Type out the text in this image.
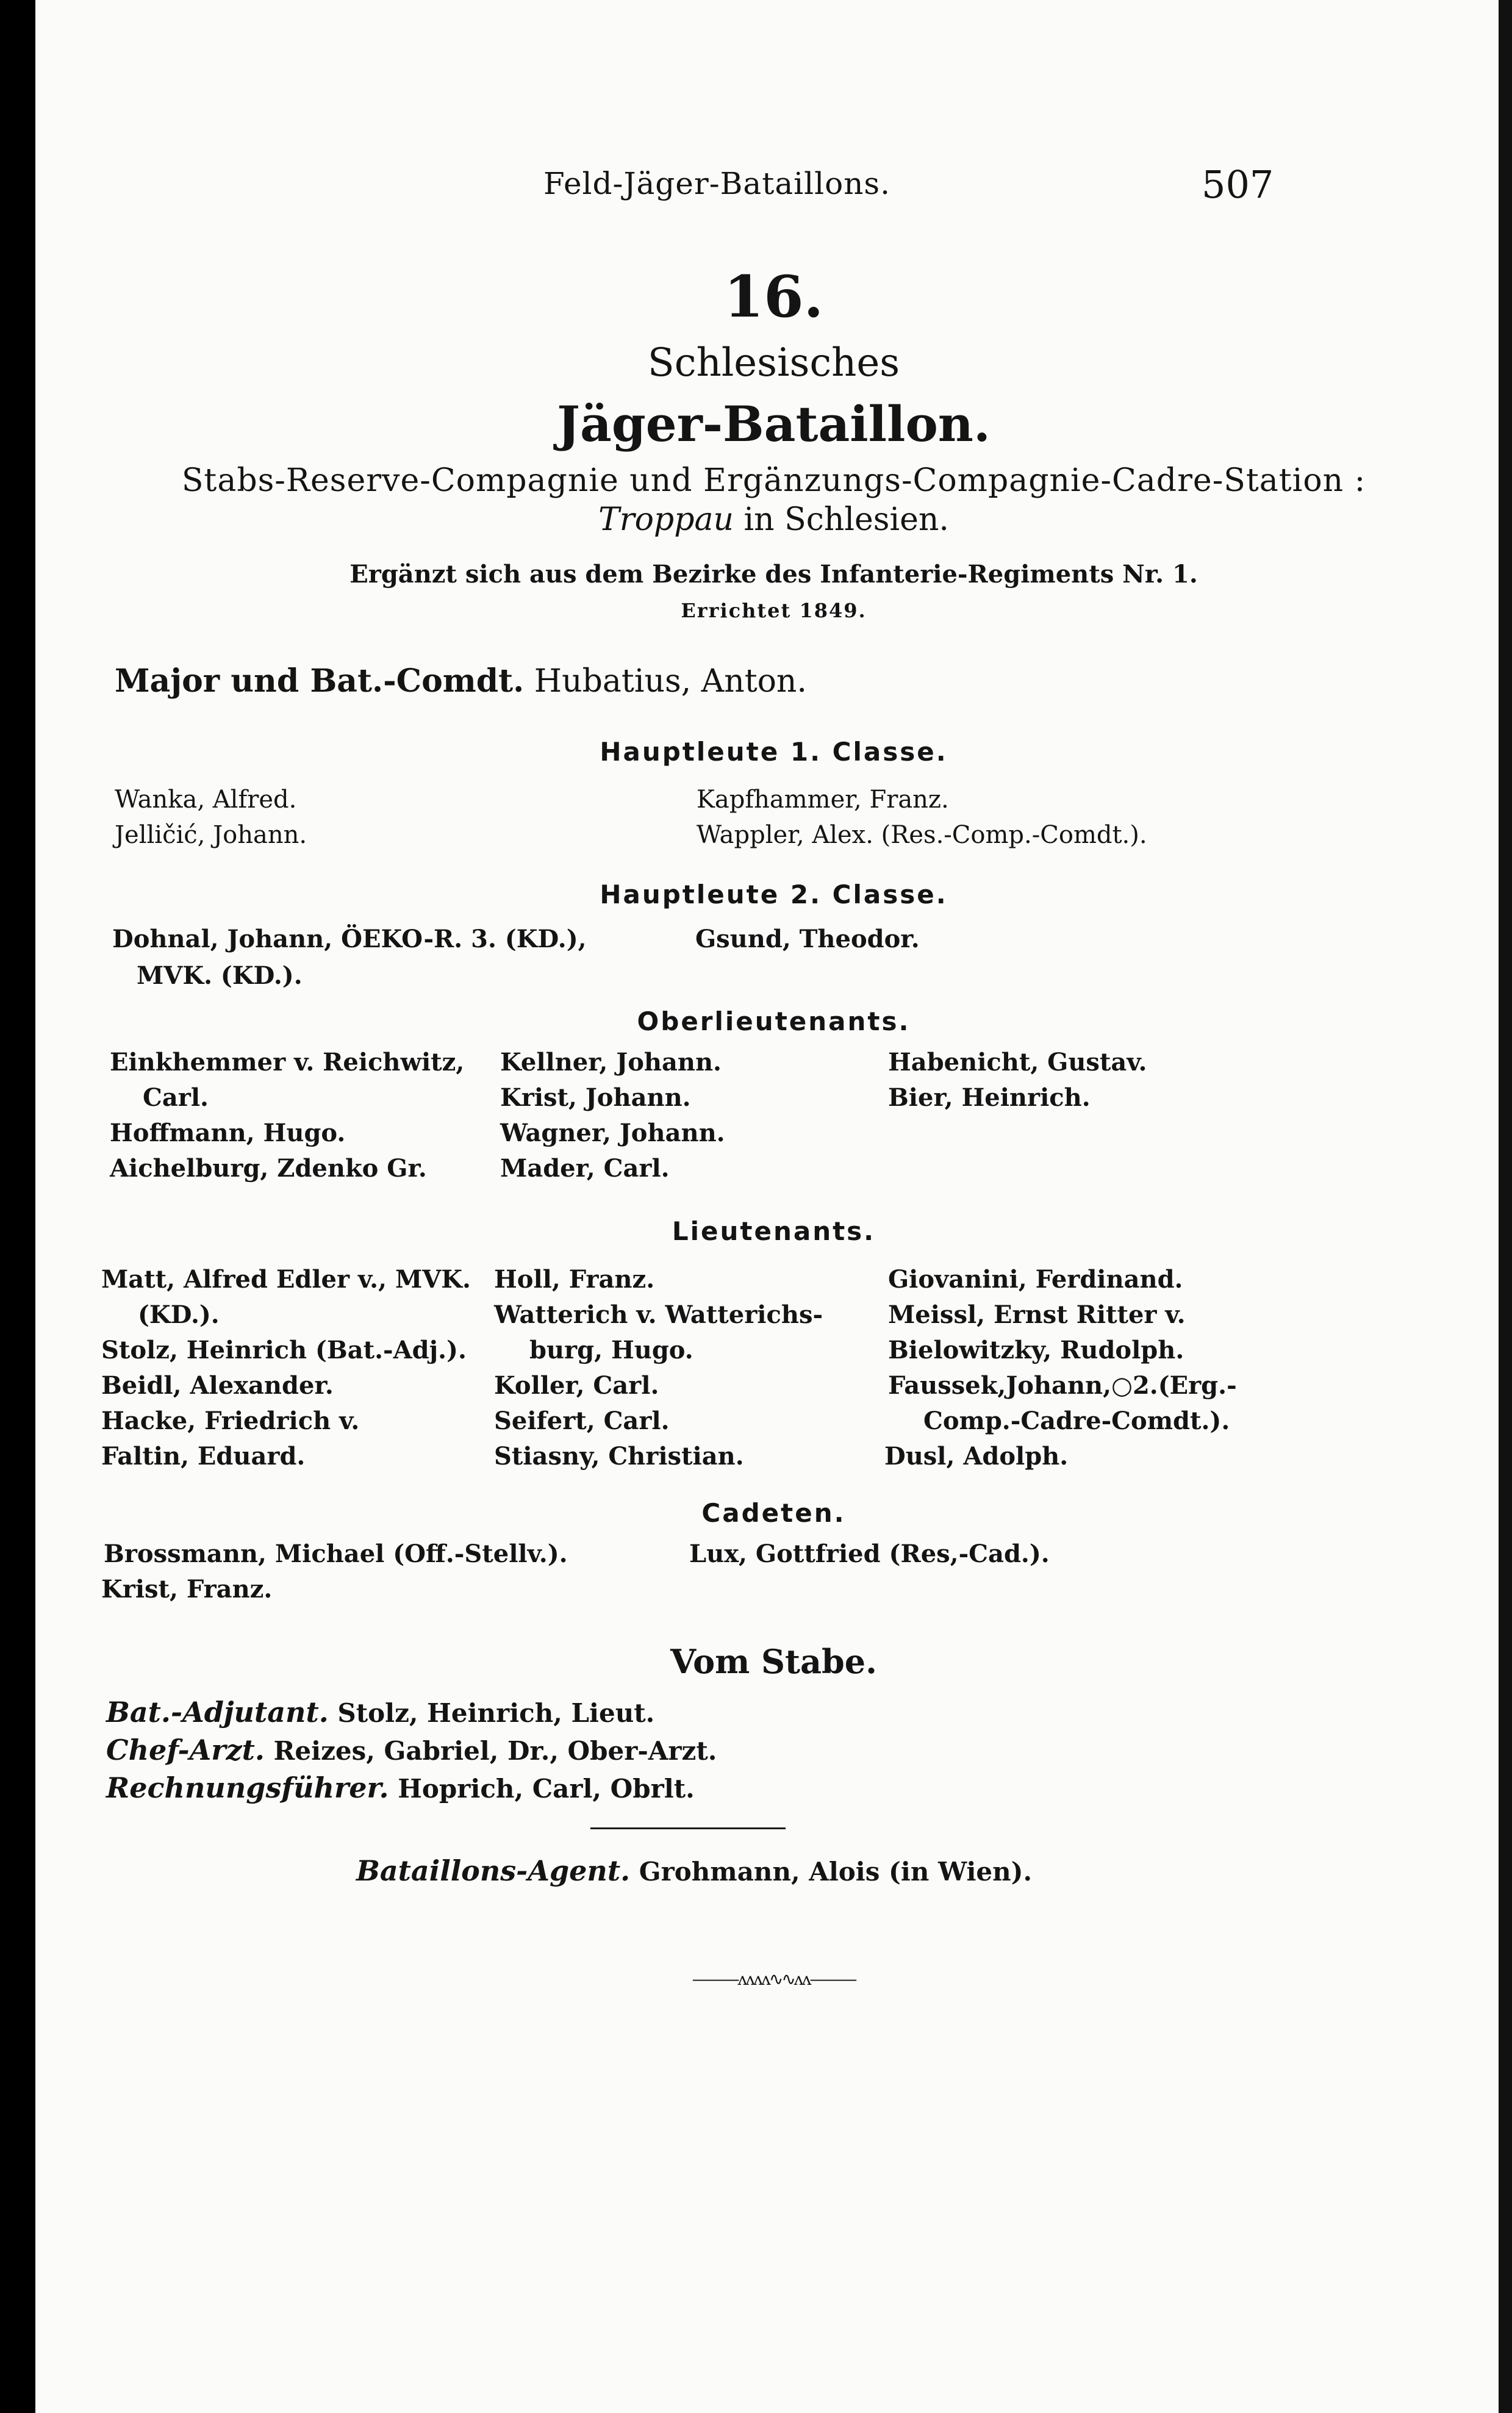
Feld-Jäger-Bataillons.	507
16.
Schlesisches
Jäger-Bataillon.
Stabs-Reserve-Compagnie und Ergänzungs-Compagnie-Cadre-Station :
Troppau in Schlesien.
Ergänzt sich aus dem Bezirke des Infanterie-Regiments Nr. 1.
Errichtet 1849.
Major und Bat.-Comdt. Hubatius, Anton.
Hauptleute 1. Classe.
Wanka, Alfred.
Jelličić, Johann.
Kapfhammer, Franz.
Wappler, Alex. (Res.-Comp.-Comdt.).
Hauptleute 2. Classe.
Dohnal, Johann, ÖEKO-R. 3. (KD.),
MVK. (KD.).
Gsund, Theodor.
Oberlieutenants.
Einkhemmer v. Reichwitz,
Carl.
Hoffmann, Hugo.
Aichelburg, Zdenko Gr.
Kellner, Johann.
Krist, Johann.
Wagner, Johann.
Mader, Carl.
Habenicht, Gustav.
Bier, Heinrich.
Lieutenants.
Matt, Alfred Edler v., MVK.
(KD.).
Stolz, Heinrich (Bat.-Adj.).
Beidl, Alexander.
Hacke, Friedrich v.
Faltin, Eduard.
Holl, Franz.
Watterich v. Watterichs-
burg, Hugo.
Koller, Carl.
Seifert, Carl.
Stiasny, Christian.
Giovanini, Ferdinand.
Meissl, Ernst Ritter v.
Bielowitzky, Rudolph.
Faussek,Johann,○2.(Erg.-
Comp.-Cadre-Comdt.).
Dusl, Adolph.
Cadeten.
Brossmann, Michael (Off.-Stellv.).
Krist, Franz.
Lux, Gottfried (Res,-Cad.).
Vom Stabe.
Bat.-Adjutant. Stolz, Heinrich, Lieut.
Chef-Arzt. Reizes, Gabriel, Dr., Ober-Arzt.
Rechnungsführer. Hoprich, Carl, Obrlt.
Bataillons-Agent. Grohmann, Alois (in Wien).
———ʌʌʌʌ∿∿ʌʌ———
